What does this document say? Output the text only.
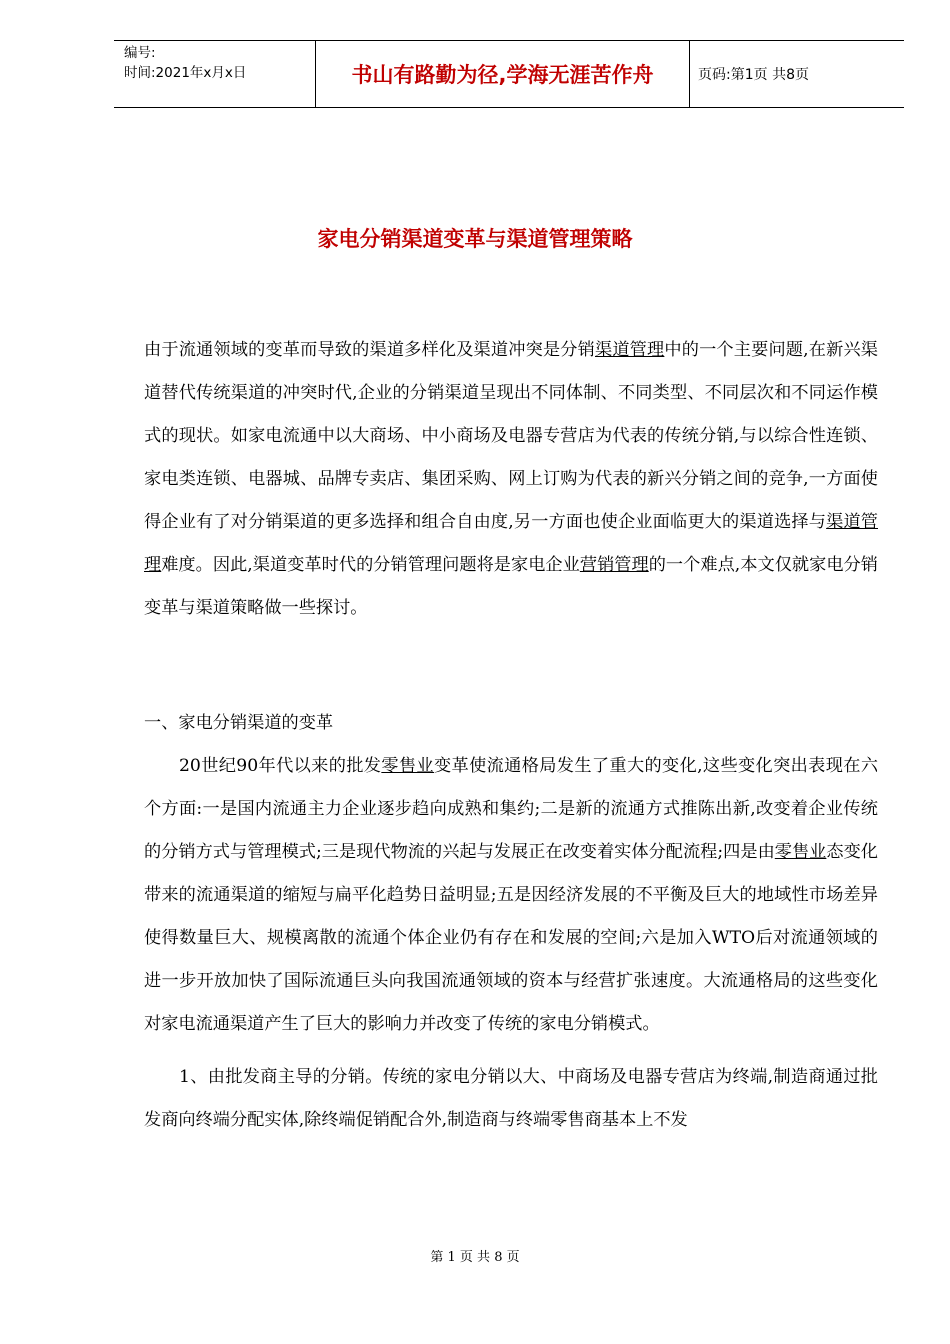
编号:
时间:2021年x月x日	书山有路勤为径,学海无涯苦作舟	页码:第1页 共8页
家电分销渠道变革与渠道管理策略

由于流通领域的变革而导致的渠道多样化及渠道冲突是分销渠道管理中的一个主要问题,在新兴渠道替代传统渠道的冲突时代,企业的分销渠道呈现出不同体制、不同类型、不同层次和不同运作模式的现状。如家电流通中以大商场、中小商场及电器专营店为代表的传统分销,与以综合性连锁、家电类连锁、电器城、品牌专卖店、集团采购、网上订购为代表的新兴分销之间的竞争,一方面使得企业有了对分销渠道的更多选择和组合自由度,另一方面也使企业面临更大的渠道选择与渠道管理难度。因此,渠道变革时代的分销管理问题将是家电企业营销管理的一个难点,本文仅就家电分销变革与渠道策略做一些探讨。

一、家电分销渠道的变革

20世纪90年代以来的批发零售业变革使流通格局发生了重大的变化,这些变化突出表现在六个方面:一是国内流通主力企业逐步趋向成熟和集约;二是新的流通方式推陈出新,改变着企业传统的分销方式与管理模式;三是现代物流的兴起与发展正在改变着实体分配流程;四是由零售业态变化带来的流通渠道的缩短与扁平化趋势日益明显;五是因经济发展的不平衡及巨大的地域性市场差异使得数量巨大、规模离散的流通个体企业仍有存在和发展的空间;六是加入WTO后对流通领域的进一步开放加快了国际流通巨头向我国流通领域的资本与经营扩张速度。大流通格局的这些变化对家电流通渠道产生了巨大的影响力并改变了传统的家电分销模式。

1、由批发商主导的分销。传统的家电分销以大、中商场及电器专营店为终端,制造商通过批发商向终端分配实体,除终端促销配合外,制造商与终端零售商基本上不发

第 1 页 共 8 页
